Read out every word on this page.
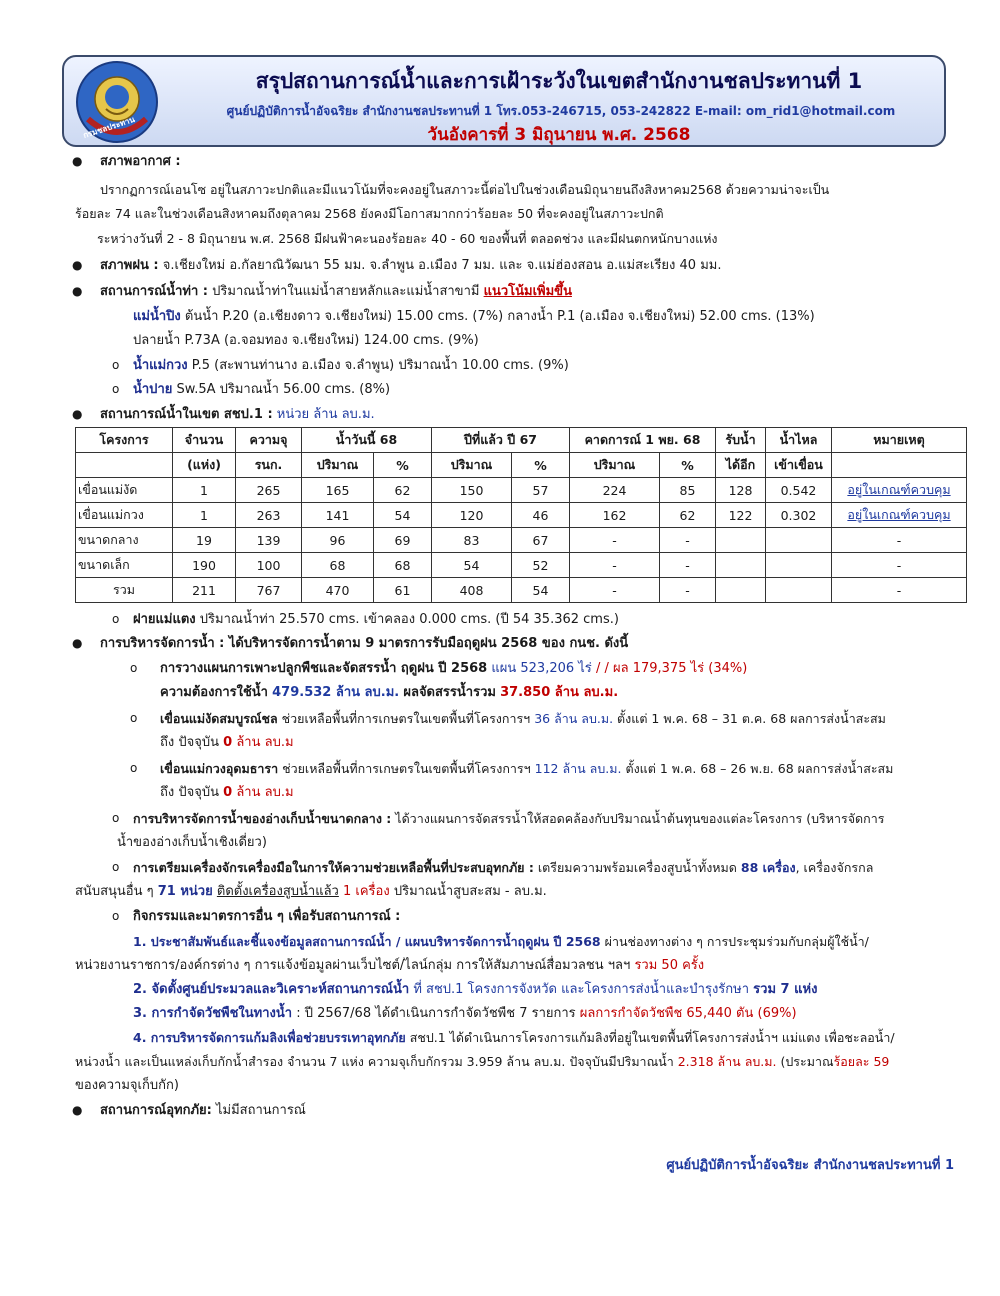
สรุปสถานการณ์น้ำและการเฝ้าระวังในเขตสำนักงานชลประทานที่ 1
ศูนย์ปฏิบัติการน้ำอัจฉริยะ สำนักงานชลประทานที่ 1 โทร.053-246715, 053-242822 E-mail: om_rid1@hotmail.com
วันอังคารที่ 3 มิถุนายน พ.ศ. 2568
กรมชลประทาน
● สภาพอากาศ :
ปรากฏการณ์เอนโซ อยู่ในสภาวะปกติและมีแนวโน้มที่จะคงอยู่ในสภาวะนี้ต่อไปในช่วงเดือนมิถุนายนถึงสิงหาคม2568 ด้วยความน่าจะเป็น
ร้อยละ 74 และในช่วงเดือนสิงหาคมถึงตุลาคม 2568 ยังคงมีโอกาสมากกว่าร้อยละ 50 ที่จะคงอยู่ในสภาวะปกติ
ระหว่างวันที่ 2 - 8 มิถุนายน พ.ศ. 2568 มีฝนฟ้าคะนองร้อยละ 40 - 60 ของพื้นที่ ตลอดช่วง และมีฝนตกหนักบางแห่ง
● สภาพฝน : จ.เชียงใหม่ อ.กัลยาณิวัฒนา 55 มม. จ.ลำพูน อ.เมือง 7 มม. และ จ.แม่ฮ่องสอน อ.แม่สะเรียง 40 มม.
● สถานการณ์น้ำท่า : ปริมาณน้ำท่าในแม่น้ำสายหลักและแม่น้ำสาขามี แนวโน้มเพิ่มขึ้น
แม่น้ำปิง ต้นน้ำ P.20 (อ.เชียงดาว จ.เชียงใหม่) 15.00 cms. (7%) กลางน้ำ P.1 (อ.เมือง จ.เชียงใหม่) 52.00 cms. (13%)
ปลายน้ำ P.73A (อ.จอมทอง จ.เชียงใหม่) 124.00 cms. (9%)
o น้ำแม่กวง P.5 (สะพานท่านาง อ.เมือง จ.ลำพูน) ปริมาณน้ำ 10.00 cms. (9%)
o น้ำปาย Sw.5A ปริมาณน้ำ 56.00 cms. (8%)
● สถานการณ์น้ำในเขต สชป.1 : หน่วย ล้าน ลบ.ม.
โครงการ	จำนวน	ความจุ	น้ำวันนี้ 68		ปีที่แล้ว ปี 67		คาดการณ์ 1 พย. 68		รับน้ำ	น้ำไหล	หมายเหตุ
	(แห่ง)	รนก.	ปริมาณ	%	ปริมาณ	%	ปริมาณ	%	ได้อีก	เข้าเขื่อน	
เขื่อนแม่งัด	1	265	165	62	150	57	224	85	128	0.542	อยู่ในเกณฑ์ควบคุม
เขื่อนแม่กวง	1	263	141	54	120	46	162	62	122	0.302	อยู่ในเกณฑ์ควบคุม
ขนาดกลาง	19	139	96	69	83	67	-	-			-
ขนาดเล็ก	190	100	68	68	54	52	-	-			-
รวม	211	767	470	61	408	54	-	-			-
o ฝายแม่แตง ปริมาณน้ำท่า 25.570 cms. เข้าคลอง 0.000 cms. (ปี 54 35.362 cms.)
● การบริหารจัดการน้ำ : ได้บริหารจัดการน้ำตาม 9 มาตรการรับมือฤดูฝน 2568 ของ กนช. ดังนี้
o การวางแผนการเพาะปลูกพืชและจัดสรรน้ำ ฤดูฝน ปี 2568 แผน 523,206 ไร่ / / ผล 179,375 ไร่ (34%)
ความต้องการใช้น้ำ 479.532 ล้าน ลบ.ม. ผลจัดสรรน้ำรวม 37.850 ล้าน ลบ.ม.
o เขื่อนแม่งัดสมบูรณ์ชล ช่วยเหลือพื้นที่การเกษตรในเขตพื้นที่โครงการฯ 36 ล้าน ลบ.ม. ตั้งแต่ 1 พ.ค. 68 – 31 ต.ค. 68 ผลการส่งน้ำสะสม
ถึง ปัจจุบัน 0 ล้าน ลบ.ม
o เขื่อนแม่กวงอุดมธารา ช่วยเหลือพื้นที่การเกษตรในเขตพื้นที่โครงการฯ 112 ล้าน ลบ.ม. ตั้งแต่ 1 พ.ค. 68 – 26 พ.ย. 68 ผลการส่งน้ำสะสม
ถึง ปัจจุบัน 0 ล้าน ลบ.ม
o การบริหารจัดการน้ำของอ่างเก็บน้ำขนาดกลาง : ได้วางแผนการจัดสรรน้ำให้สอดคล้องกับปริมาณน้ำต้นทุนของแต่ละโครงการ (บริหารจัดการ
น้ำของอ่างเก็บน้ำเชิงเดี่ยว)
o การเตรียมเครื่องจักรเครื่องมือในการให้ความช่วยเหลือพื้นที่ประสบอุทกภัย : เตรียมความพร้อมเครื่องสูบน้ำทั้งหมด 88 เครื่อง, เครื่องจักรกล
สนับสนุนอื่น ๆ 71 หน่วย ติดตั้งเครื่องสูบน้ำแล้ว 1 เครื่อง ปริมาณน้ำสูบสะสม - ลบ.ม.
o กิจกรรมและมาตรการอื่น ๆ เพื่อรับสถานการณ์ :
1. ประชาสัมพันธ์และชี้แจงข้อมูลสถานการณ์น้ำ / แผนบริหารจัดการน้ำฤดูฝน ปี 2568 ผ่านช่องทางต่าง ๆ การประชุมร่วมกับกลุ่มผู้ใช้น้ำ/
หน่วยงานราชการ/องค์กรต่าง ๆ การแจ้งข้อมูลผ่านเว็บไซต์/ไลน์กลุ่ม การให้สัมภาษณ์สื่อมวลชน ฯลฯ รวม 50 ครั้ง
2. จัดตั้งศูนย์ประมวลและวิเคราะห์สถานการณ์น้ำ ที่ สชป.1 โครงการจังหวัด และโครงการส่งน้ำและบำรุงรักษา รวม 7 แห่ง
3. การกำจัดวัชพืชในทางน้ำ : ปี 2567/68 ได้ดำเนินการกำจัดวัชพืช 7 รายการ ผลการกำจัดวัชพืช 65,440 ตัน (69%)
4. การบริหารจัดการแก้มลิงเพื่อช่วยบรรเทาอุทกภัย สชป.1 ได้ดำเนินการโครงการแก้มลิงที่อยู่ในเขตพื้นที่โครงการส่งน้ำฯ แม่แตง เพื่อชะลอน้ำ/
หน่วงน้ำ และเป็นแหล่งเก็บกักน้ำสำรอง จำนวน 7 แห่ง ความจุเก็บกักรวม 3.959 ล้าน ลบ.ม. ปัจจุบันมีปริมาณน้ำ 2.318 ล้าน ลบ.ม. (ประมาณร้อยละ 59
ของความจุเก็บกัก)
● สถานการณ์อุทกภัย: ไม่มีสถานการณ์
ศูนย์ปฏิบัติการน้ำอัจฉริยะ สำนักงานชลประทานที่ 1
